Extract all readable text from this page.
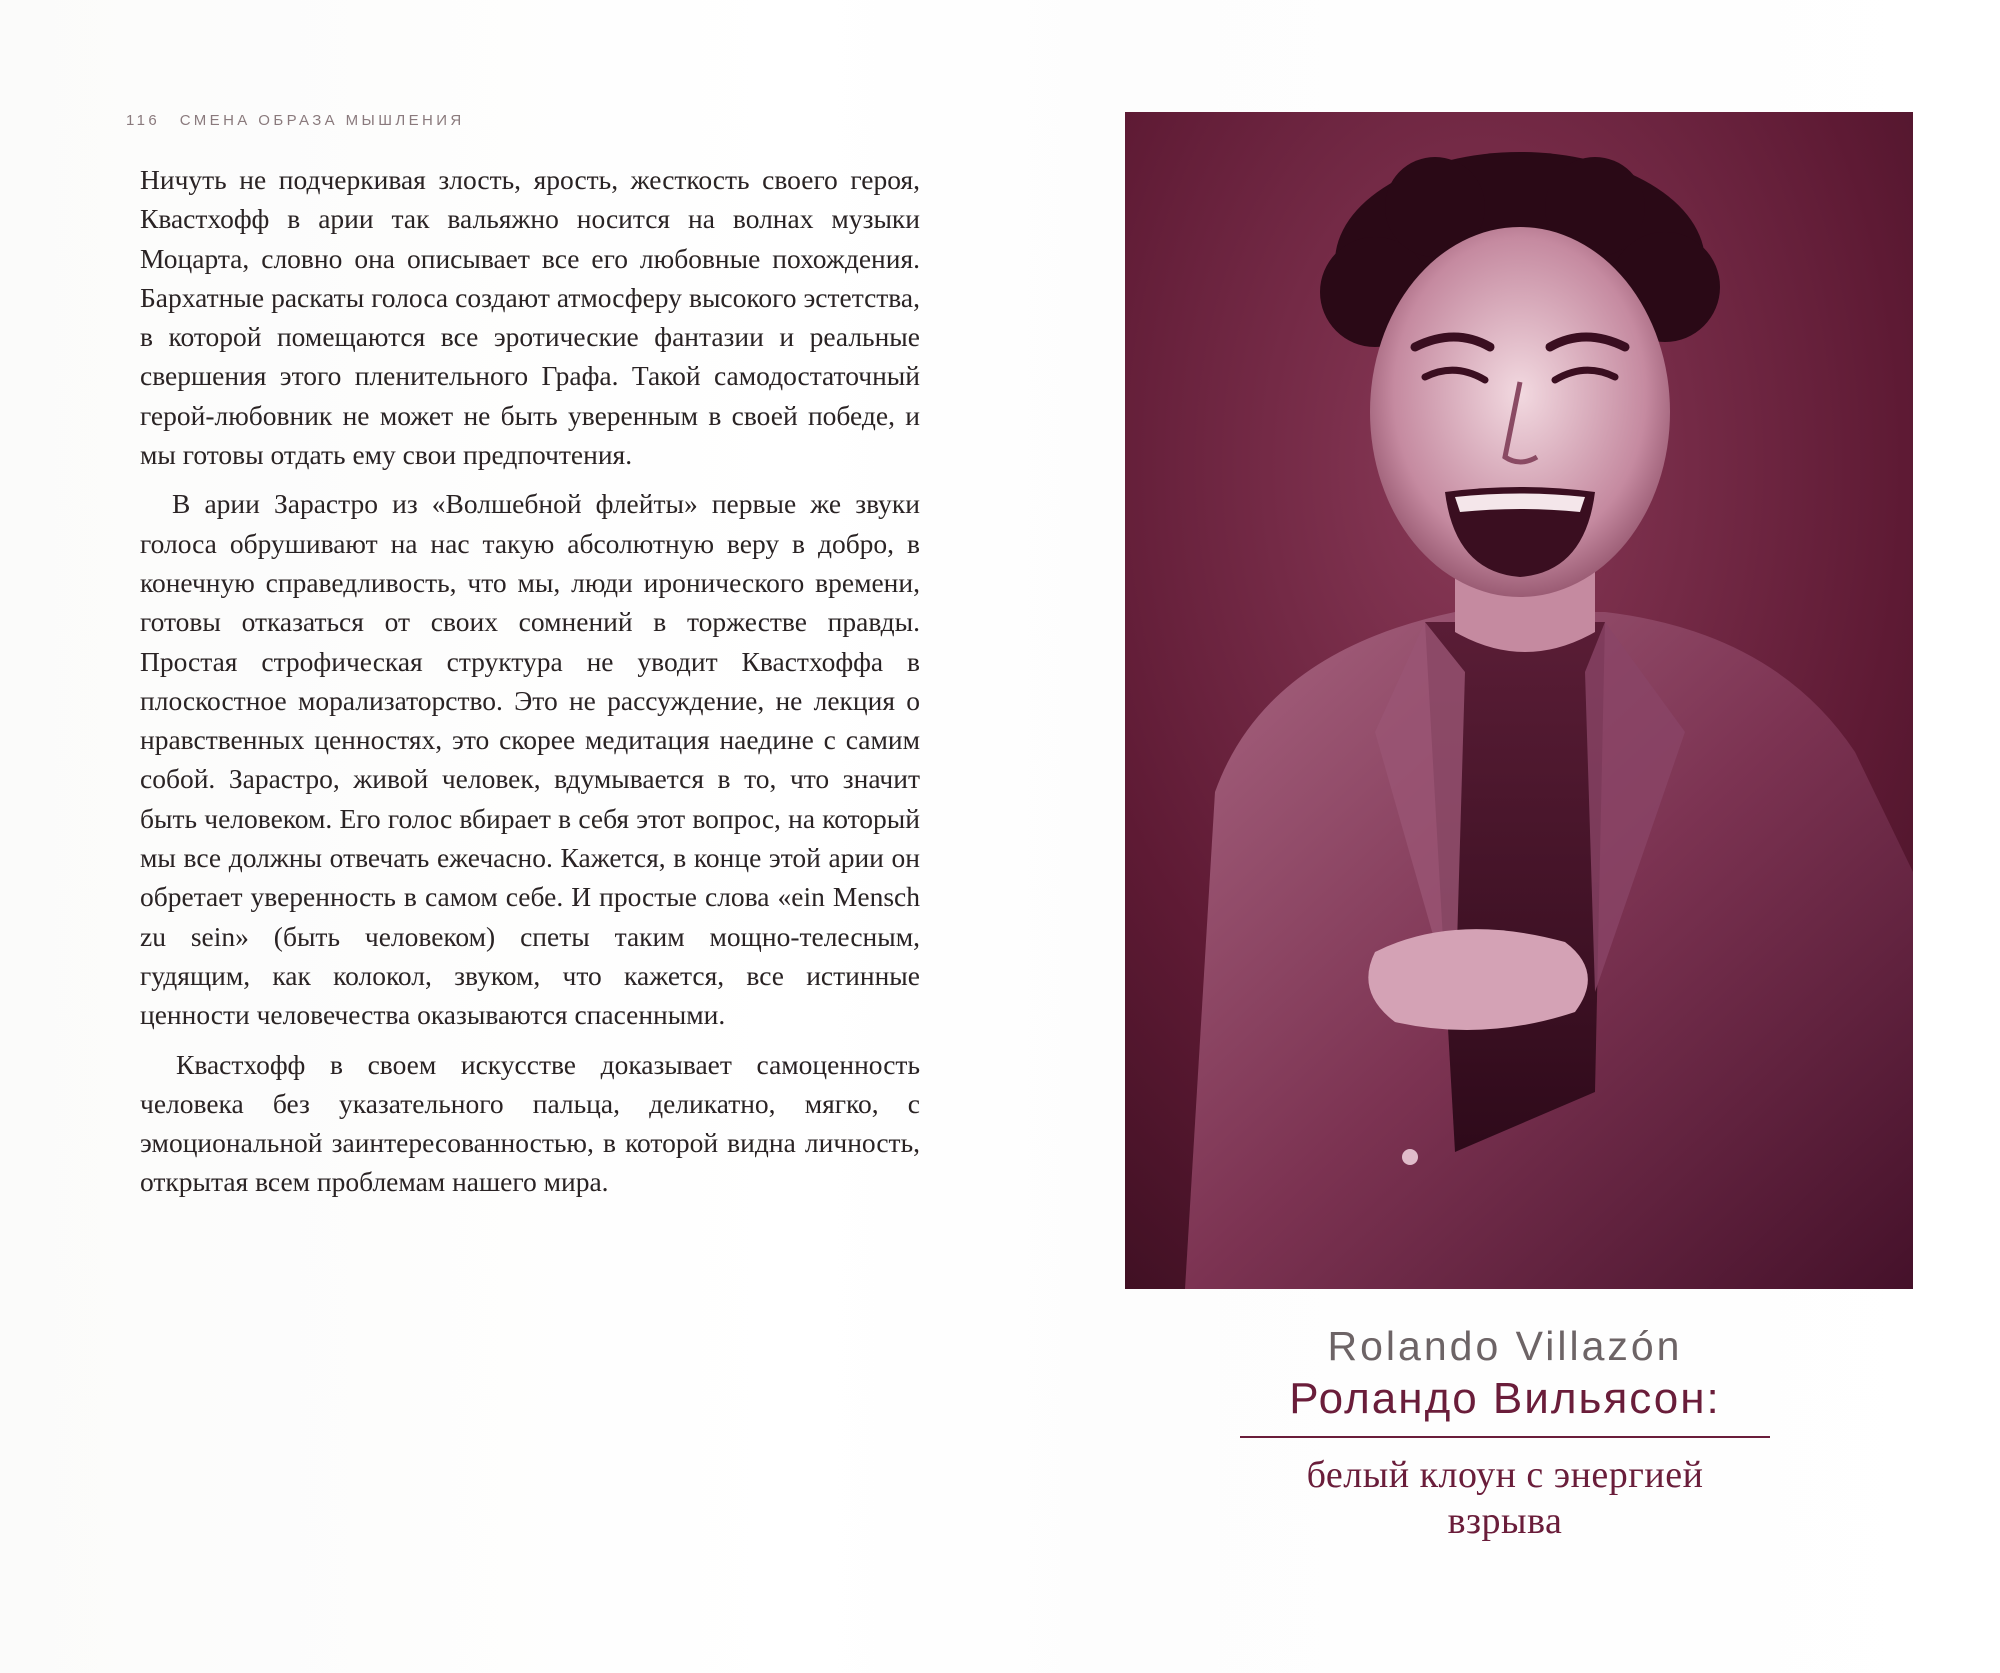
116 СМЕНА ОБРАЗА МЫШЛЕНИЯ

Ничуть не подчеркивая злость, ярость, жесткость своего героя, Квастхофф в арии так вальяжно носится на волнах музыки Моцарта, словно она описывает все его любовные похождения. Бархатные раскаты голоса создают атмосферу высокого эстетства, в которой помещаются все эротические фантазии и реальные свершения этого пленительного Графа. Такой самодостаточный герой-любовник не может не быть уверенным в своей победе, и мы готовы отдать ему свои предпочтения.

В арии Зарастро из «Волшебной флейты» первые же звуки голоса обрушивают на нас такую абсолютную веру в добро, в конечную справедливость, что мы, люди иронического времени, готовы отказаться от своих сомнений в торжестве правды. Простая строфическая структура не уводит Квастхоффа в плоскостное морализаторство. Это не рассуждение, не лекция о нравственных ценностях, это скорее медитация наедине с самим собой. Зарастро, живой человек, вдумывается в то, что значит быть человеком. Его голос вбирает в себя этот вопрос, на который мы все должны отвечать ежечасно. Кажется, в конце этой арии он обретает уверенность в самом себе. И простые слова «ein Mensch zu sein» (быть человеком) спеты таким мощно-телесным, гудящим, как колокол, звуком, что кажется, все истинные ценности человечества оказываются спасенными.

Квастхофф в своем искусстве доказывает самоценность человека без указательного пальца, деликатно, мягко, с эмоциональной заинтересованностью, в которой видна личность, открытая всем проблемам нашего мира.

Rolando Villazón
Роландо Вильясон:
белый клоун с энергией
взрыва
